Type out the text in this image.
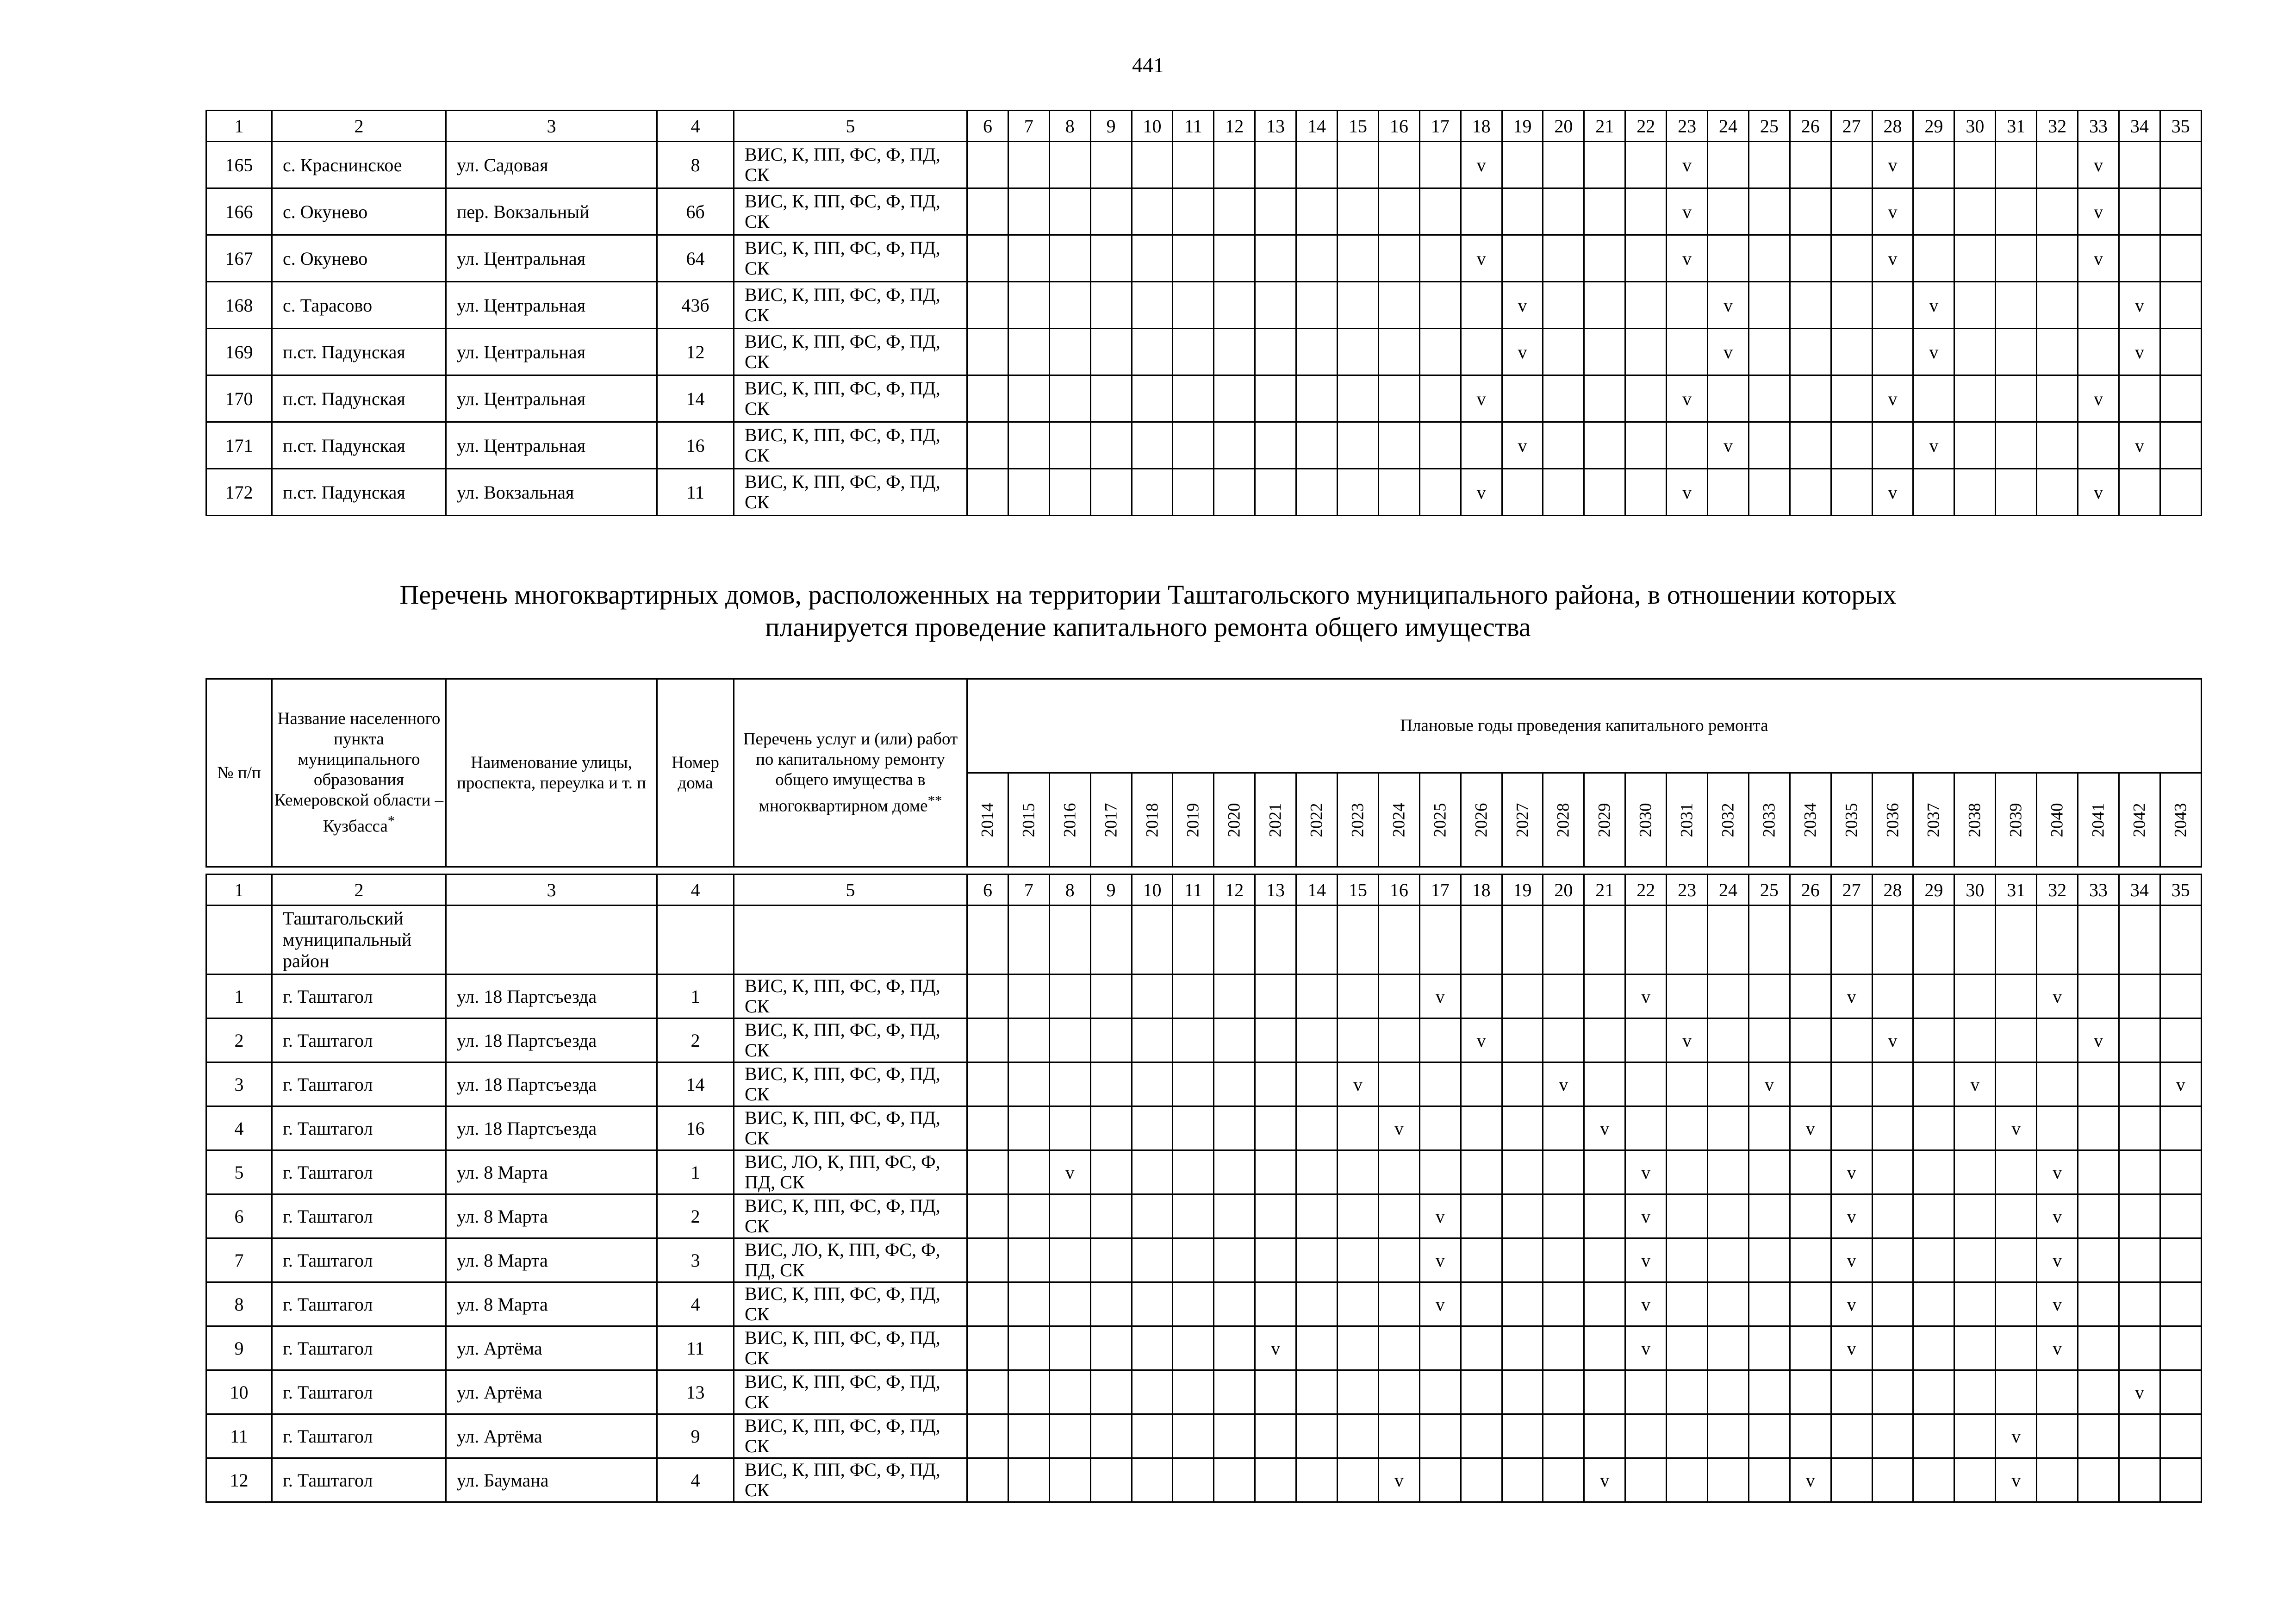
441
1	2	3	4	5	6	7	8	9	10	11	12	13	14	15	16	17	18	19	20	21	22	23	24	25	26	27	28	29	30	31	32	33	34	35
165	с. Краснинское	ул. Садовая	8	ВИС, К, ПП, ФС, Ф, ПД, СК													v					v					v					v		
166	с. Окунево	пер. Вокзальный	6б	ВИС, К, ПП, ФС, Ф, ПД, СК																		v					v					v		
167	с. Окунево	ул. Центральная	64	ВИС, К, ПП, ФС, Ф, ПД, СК													v					v					v					v		
168	с. Тарасово	ул. Центральная	43б	ВИС, К, ПП, ФС, Ф, ПД, СК														v					v					v					v	
169	п.ст. Падунская	ул. Центральная	12	ВИС, К, ПП, ФС, Ф, ПД, СК														v					v					v					v	
170	п.ст. Падунская	ул. Центральная	14	ВИС, К, ПП, ФС, Ф, ПД, СК													v					v					v					v		
171	п.ст. Падунская	ул. Центральная	16	ВИС, К, ПП, ФС, Ф, ПД, СК														v					v					v					v	
172	п.ст. Падунская	ул. Вокзальная	11	ВИС, К, ПП, ФС, Ф, ПД, СК													v					v					v					v		
Перечень многоквартирных домов, расположенных на территории Таштагольского муниципального района, в отношении которых
планируется проведение капитального ремонта общего имущества
№ п/п	Название населенного пункта муниципального образования Кемеровской области – Кузбасса*	Наименование улицы, проспекта, переулка и т. п	Номер дома	Перечень услуг и (или) работ по капитальному ремонту общего имущества в многоквартирном доме**	Плановые годы проведения капитального ремонта																													
					2014	2015	2016	2017	2018	2019	2020	2021	2022	2023	2024	2025	2026	2027	2028	2029	2030	2031	2032	2033	2034	2035	2036	2037	2038	2039	2040	2041	2042	2043
1	2	3	4	5	6	7	8	9	10	11	12	13	14	15	16	17	18	19	20	21	22	23	24	25	26	27	28	29	30	31	32	33	34	35
	Таштагольский муниципальный район																																	
1	г. Таштагол	ул. 18 Партсъезда	1	ВИС, К, ПП, ФС, Ф, ПД, СК												v					v					v					v			
2	г. Таштагол	ул. 18 Партсъезда	2	ВИС, К, ПП, ФС, Ф, ПД, СК													v					v					v					v		
3	г. Таштагол	ул. 18 Партсъезда	14	ВИС, К, ПП, ФС, Ф, ПД, СК										v					v					v					v					v
4	г. Таштагол	ул. 18 Партсъезда	16	ВИС, К, ПП, ФС, Ф, ПД, СК											v					v					v					v				
5	г. Таштагол	ул. 8 Марта	1	ВИС, ЛО, К, ПП, ФС, Ф, ПД, СК			v														v					v					v			
6	г. Таштагол	ул. 8 Марта	2	ВИС, К, ПП, ФС, Ф, ПД, СК												v					v					v					v			
7	г. Таштагол	ул. 8 Марта	3	ВИС, ЛО, К, ПП, ФС, Ф, ПД, СК												v					v					v					v			
8	г. Таштагол	ул. 8 Марта	4	ВИС, К, ПП, ФС, Ф, ПД, СК												v					v					v					v			
9	г. Таштагол	ул. Артёма	11	ВИС, К, ПП, ФС, Ф, ПД, СК								v									v					v					v			
10	г. Таштагол	ул. Артёма	13	ВИС, К, ПП, ФС, Ф, ПД, СК																													v	
11	г. Таштагол	ул. Артёма	9	ВИС, К, ПП, ФС, Ф, ПД, СК																										v				
12	г. Таштагол	ул. Баумана	4	ВИС, К, ПП, ФС, Ф, ПД, СК											v					v					v					v				
